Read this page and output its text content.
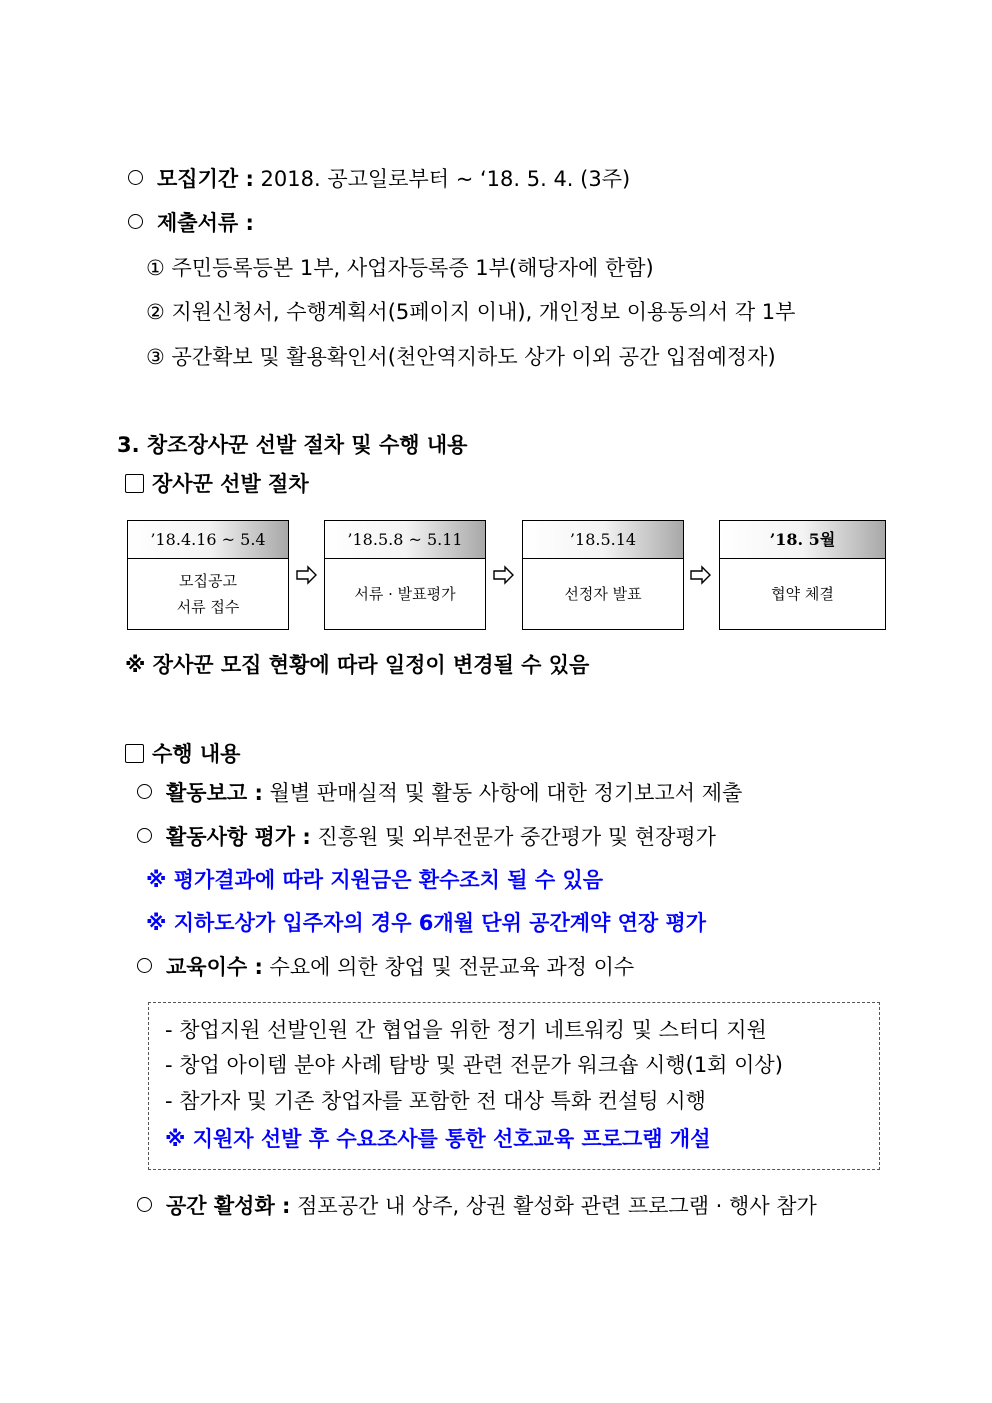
모집기간 : 2018. 공고일로부터 ~ ‘18. 5. 4. (3주)
제출서류 :
① 주민등록등본 1부, 사업자등록증 1부(해당자에 한함)
② 지원신청서, 수행계획서(5페이지 이내), 개인정보 이용동의서 각 1부
③ 공간확보 및 활용확인서(천안역지하도 상가 이외 공간 입점예정자)
3. 창조장사꾼 선발 절차 및 수행 내용
장사꾼 선발 절차
’18.4.16 ~ 5.4
모집공고
서류 접수
’18.5.8 ~ 5.11
서류 · 발표평가
’18.5.14
선정자 발표
’18. 5월
협약 체결
※ 장사꾼 모집 현황에 따라 일정이 변경될 수 있음
수행 내용
활동보고 : 월별 판매실적 및 활동 사항에 대한 정기보고서 제출
활동사항 평가 : 진흥원 및 외부전문가 중간평가 및 현장평가
※ 평가결과에 따라 지원금은 환수조치 될 수 있음
※ 지하도상가 입주자의 경우 6개월 단위 공간계약 연장 평가
교육이수 : 수요에 의한 창업 및 전문교육 과정 이수
- 창업지원 선발인원 간 협업을 위한 정기 네트워킹 및 스터디 지원
- 창업 아이템 분야 사례 탐방 및 관련 전문가 워크숍 시행(1회 이상)
- 참가자 및 기존 창업자를 포함한 전 대상 특화 컨설팅 시행
※ 지원자 선발 후 수요조사를 통한 선호교육 프로그램 개설
공간 활성화 : 점포공간 내 상주, 상권 활성화 관련 프로그램 · 행사 참가
